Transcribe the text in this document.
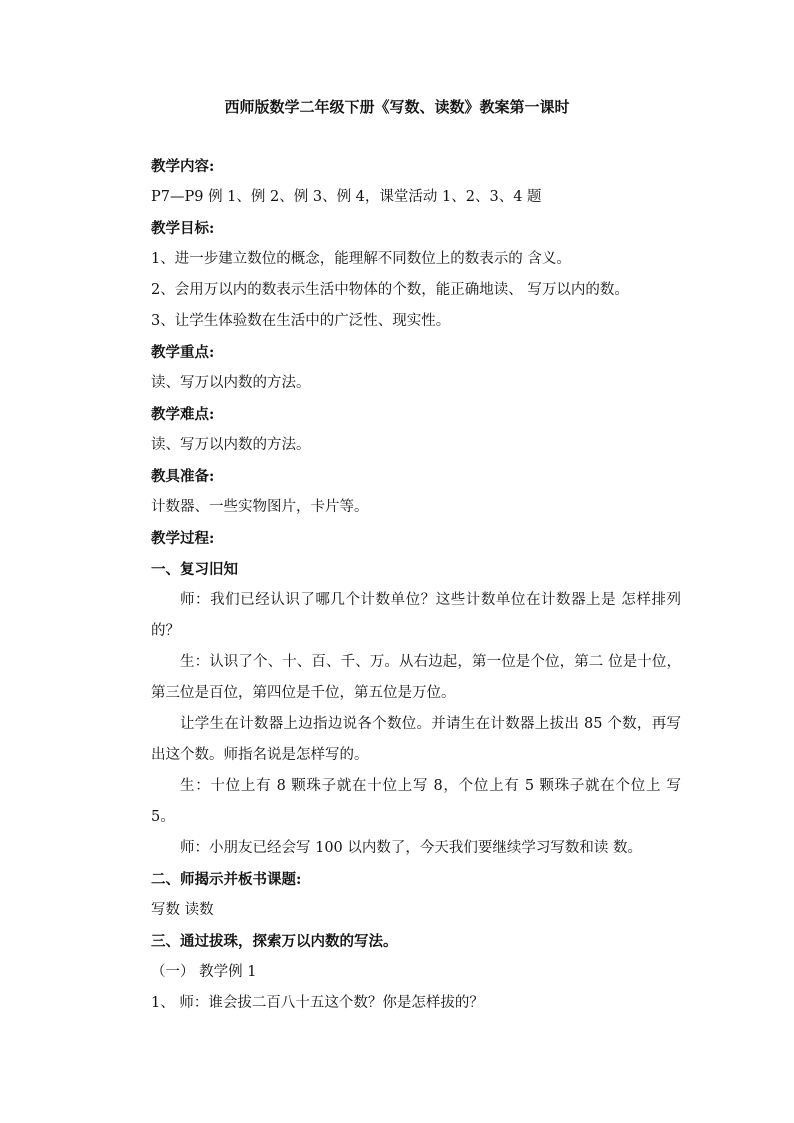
西师版数学二年级下册《写数、读数》教案第一课时
教学内容:
P7—P9 例 1、例 2、例 3、例 4，课堂活动 1、2、3、4 题
教学目标:
1、进一步建立数位的概念，能理解不同数位上的数表示的 含义。
2、会用万以内的数表示生活中物体的个数，能正确地读、 写万以内的数。
3、让学生体验数在生活中的广泛性、现实性。
教学重点:
读、写万以内数的方法。
教学难点:
读、写万以内数的方法。
教具准备:
计数器、一些实物图片，卡片等。
教学过程:
一、复习旧知
师：我们已经认识了哪几个计数单位？这些计数单位在计数器上是 怎样排列的？
生：认识了个、十、百、千、万。从右边起，第一位是个位，第二 位是十位，第三位是百位，第四位是千位，第五位是万位。
让学生在计数器上边指边说各个数位。并请生在计数器上拔出 85 个数，再写出这个数。师指名说是怎样写的。
生：十位上有 8 颗珠子就在十位上写 8，个位上有 5 颗珠子就在个位上 写 5。
师：小朋友已经会写 100 以内数了，今天我们要继续学习写数和读 数。
二、师揭示并板书课题:
写数 读数
三、通过拔珠，探索万以内数的写法。
（一） 教学例 1
1、 师：谁会拔二百八十五这个数？你是怎样拔的？
